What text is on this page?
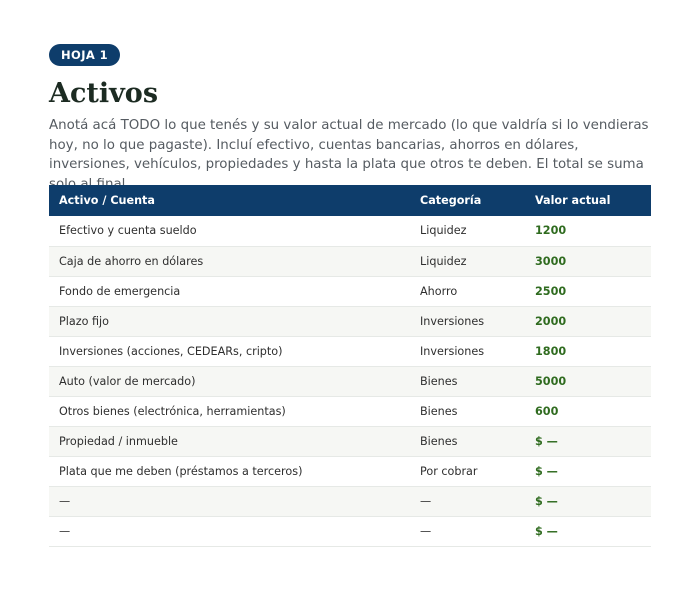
HOJA 1
Activos

Anotá acá TODO lo que tenés y su valor actual de mercado (lo que valdría si lo vendieras hoy, no lo que pagaste). Incluí efectivo, cuentas bancarias, ahorros en dólares, inversiones, vehículos, propiedades y hasta la plata que otros te deben. El total se suma solo al final.

Activo / Cuenta	Categoría	Valor actual
Efectivo y cuenta sueldo	Liquidez	1200
Caja de ahorro en dólares	Liquidez	3000
Fondo de emergencia	Ahorro	2500
Plazo fijo	Inversiones	2000
Inversiones (acciones, CEDEARs, cripto)	Inversiones	1800
Auto (valor de mercado)	Bienes	5000
Otros bienes (electrónica, herramientas)	Bienes	600
Propiedad / inmueble	Bienes	$ —
Plata que me deben (préstamos a terceros)	Por cobrar	$ —
—	—	$ —
—	—	$ —
